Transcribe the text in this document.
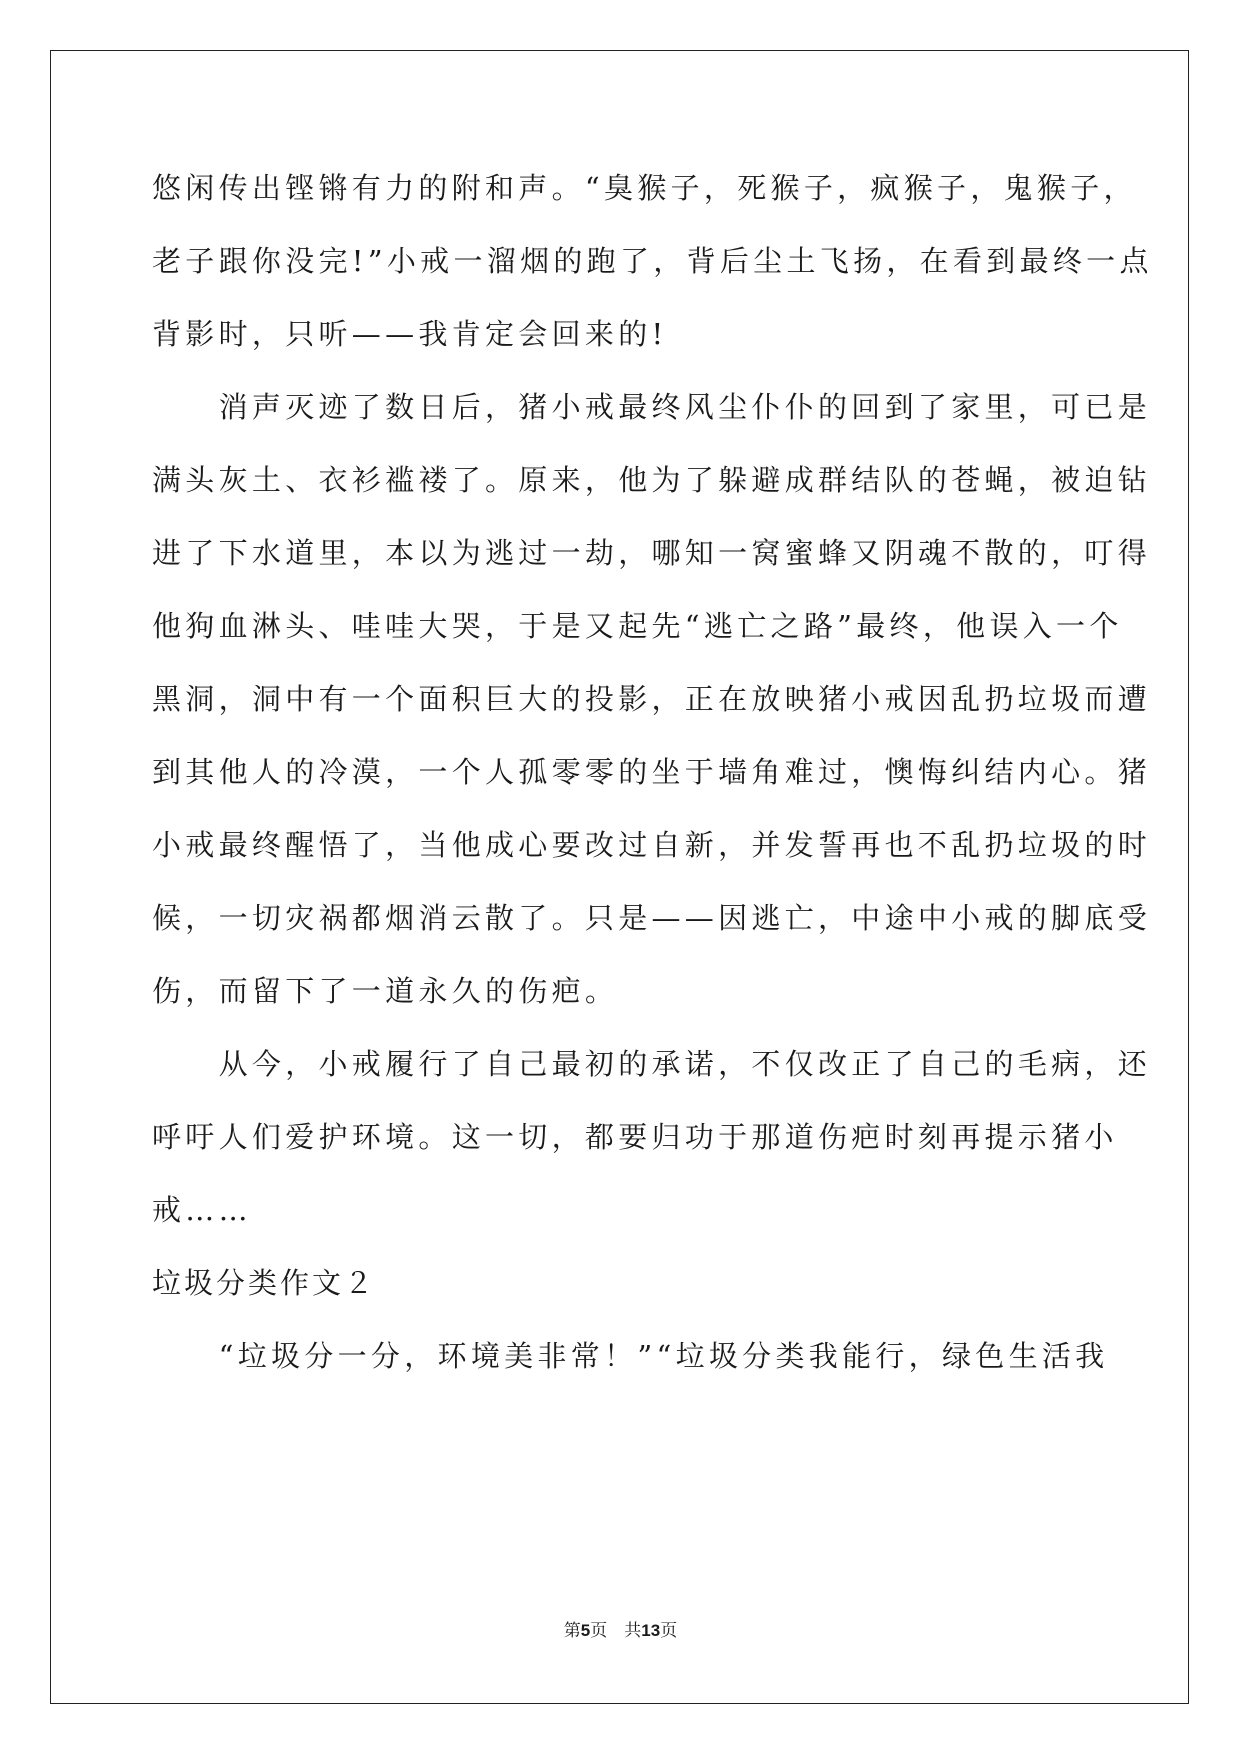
悠闲传出铿锵有力的附和声。“臭猴子，死猴子，疯猴子，鬼猴子，
老子跟你没完!”小戒一溜烟的跑了，背后尘土飞扬，在看到最终一点
背影时，只听——我肯定会回来的!
　　消声灭迹了数日后，猪小戒最终风尘仆仆的回到了家里，可已是
满头灰土、衣衫褴褛了。原来，他为了躲避成群结队的苍蝇，被迫钻
进了下水道里，本以为逃过一劫，哪知一窝蜜蜂又阴魂不散的，叮得
他狗血淋头、哇哇大哭，于是又起先“逃亡之路”最终，他误入一个
黑洞，洞中有一个面积巨大的投影，正在放映猪小戒因乱扔垃圾而遭
到其他人的冷漠，一个人孤零零的坐于墙角难过，懊悔纠结内心。猪
小戒最终醒悟了，当他成心要改过自新，并发誓再也不乱扔垃圾的时
候，一切灾祸都烟消云散了。只是——因逃亡，中途中小戒的脚底受
伤，而留下了一道永久的伤疤。
　　从今，小戒履行了自己最初的承诺，不仅改正了自己的毛病，还
呼吁人们爱护环境。这一切，都要归功于那道伤疤时刻再提示猪小
戒……
垃圾分类作文２
　　“垃圾分一分，环境美非常！”“垃圾分类我能行，绿色生活我
第5页　共13页
